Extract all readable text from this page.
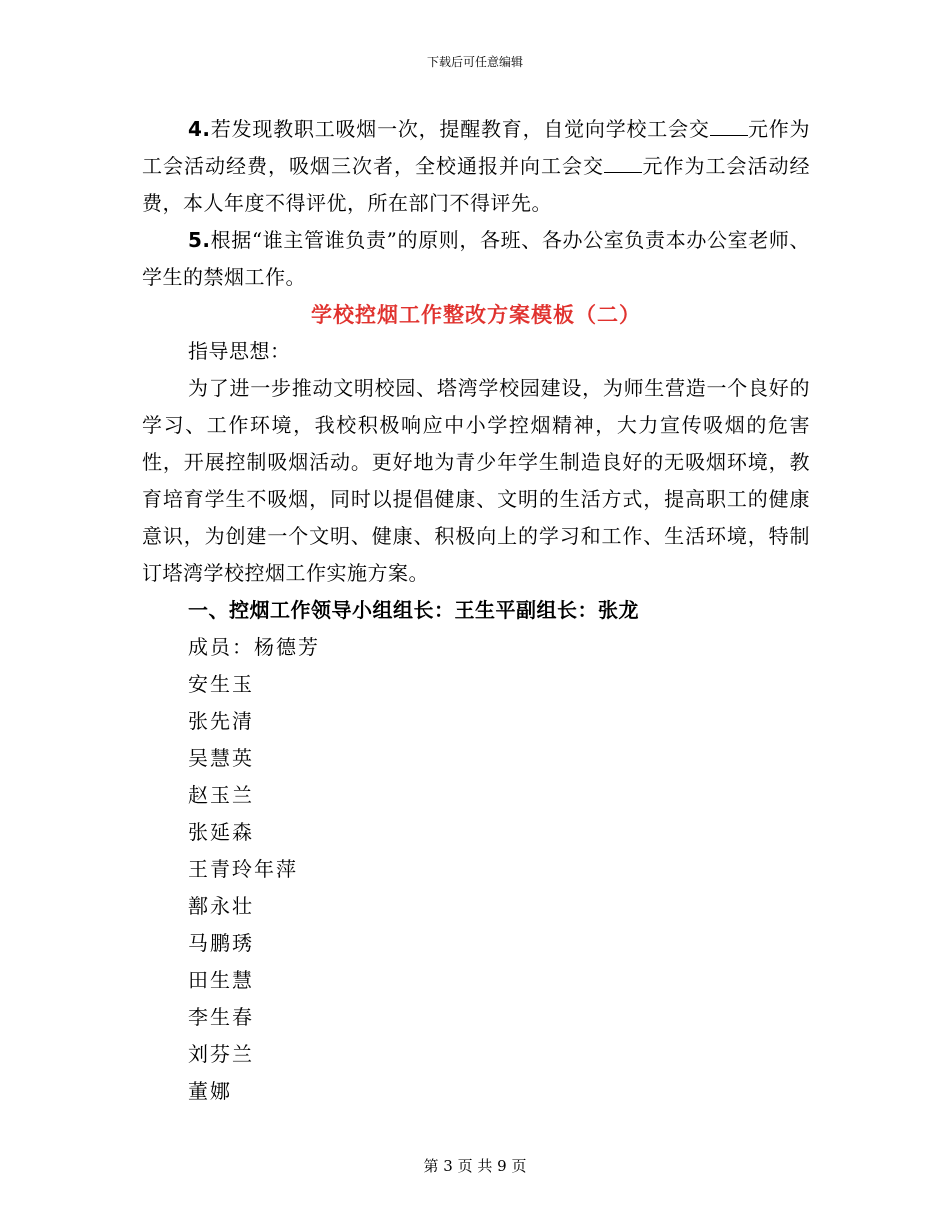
下载后可任意编辑

4.若发现教职工吸烟一次，提醒教育，自觉向学校工会交 元作为工会活动经费，吸烟三次者，全校通报并向工会交 元作为工会活动经费，本人年度不得评优，所在部门不得评先。

5.根据“谁主管谁负责”的原则，各班、各办公室负责本办公室老师、学生的禁烟工作。

学校控烟工作整改方案模板（二）

指导思想：

为了进一步推动文明校园、塔湾学校园建设，为师生营造一个良好的学习、工作环境，我校积极响应中小学控烟精神，大力宣传吸烟的危害性，开展控制吸烟活动。更好地为青少年学生制造良好的无吸烟环境，教育培育学生不吸烟，同时以提倡健康、文明的生活方式，提高职工的健康意识，为创建一个文明、健康、积极向上的学习和工作、生活环境，特制订塔湾学校控烟工作实施方案。

一、控烟工作领导小组组长：王生平副组长：张龙

成员：杨德芳

安生玉

张先清

吴慧英

赵玉兰

张延森

王青玲年萍

鄯永壮

马鹏琇

田生慧

李生春

刘芬兰

董娜

第 3 页 共 9 页
